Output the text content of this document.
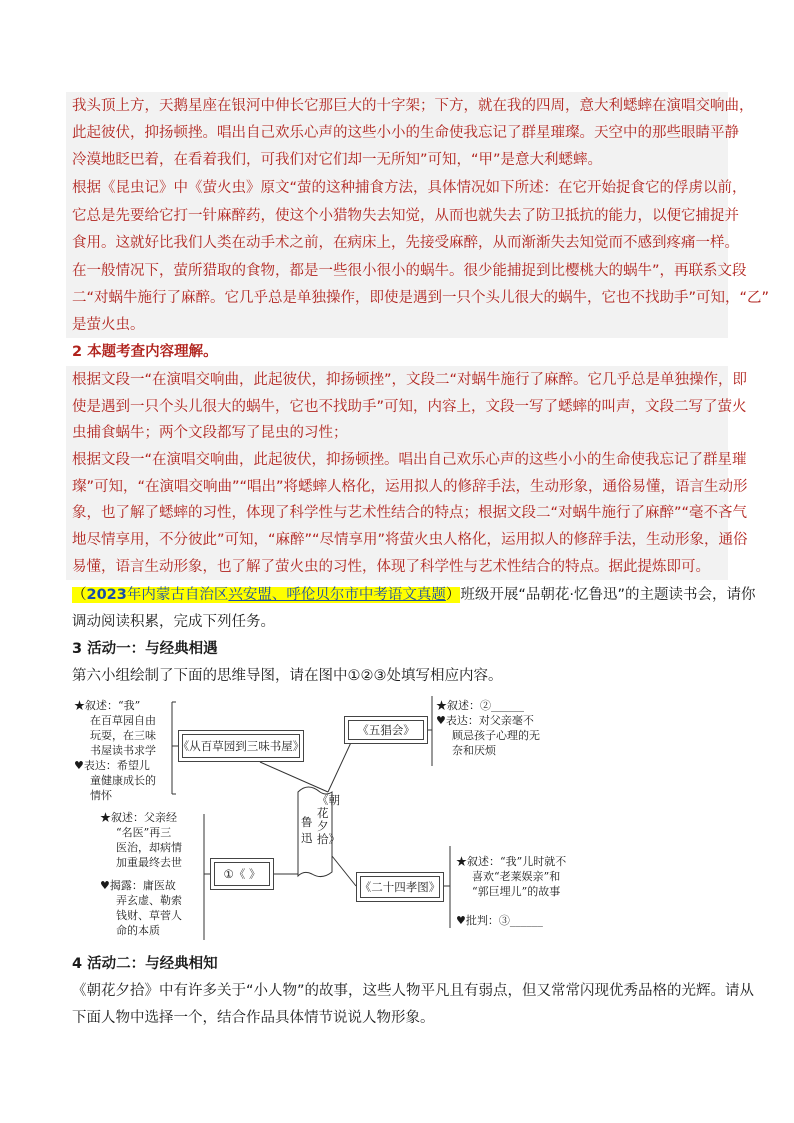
我头顶上方，天鹅星座在银河中伸长它那巨大的十字架；下方，就在我的四周，意大利蟋蟀在演唱交响曲，
此起彼伏，抑扬顿挫。唱出自己欢乐心声的这些小小的生命使我忘记了群星璀璨。天空中的那些眼睛平静
冷漠地眨巴着，在看着我们，可我们对它们却一无所知”可知，“甲”是意大利蟋蟀。
根据《昆虫记》中《萤火虫》原文“萤的这种捕食方法，具体情况如下所述：在它开始捉食它的俘虏以前，
它总是先要给它打一针麻醉药，使这个小猎物失去知觉，从而也就失去了防卫抵抗的能力，以便它捕捉并
食用。这就好比我们人类在动手术之前，在病床上，先接受麻醉，从而渐渐失去知觉而不感到疼痛一样。
在一般情况下，萤所猎取的食物，都是一些很小很小的蜗牛。很少能捕捉到比樱桃大的蜗牛”，再联系文段
二“对蜗牛施行了麻醉。它几乎总是单独操作，即使是遇到一只个头儿很大的蜗牛，它也不找助手”可知，“乙”
是萤火虫。
2 本题考查内容理解。
根据文段一“在演唱交响曲，此起彼伏，抑扬顿挫”，文段二“对蜗牛施行了麻醉。它几乎总是单独操作，即
使是遇到一只个头儿很大的蜗牛，它也不找助手”可知，内容上，文段一写了蟋蟀的叫声，文段二写了萤火
虫捕食蜗牛；两个文段都写了昆虫的习性；
根据文段一“在演唱交响曲，此起彼伏，抑扬顿挫。唱出自己欢乐心声的这些小小的生命使我忘记了群星璀
璨”可知，“在演唱交响曲”“唱出”将蟋蟀人格化，运用拟人的修辞手法，生动形象，通俗易懂，语言生动形
象，也了解了蟋蟀的习性，体现了科学性与艺术性结合的特点；根据文段二“对蜗牛施行了麻醉”“毫不吝气
地尽情享用，不分彼此”可知，“麻醉”“尽情享用”将萤火虫人格化，运用拟人的修辞手法，生动形象，通俗
易懂，语言生动形象，也了解了萤火虫的习性，体现了科学性与艺术性结合的特点。据此提炼即可。
（2023年内蒙古自治区兴安盟、呼伦贝尔市中考语文真题）班级开展“品朝花·忆鲁迅”的主题读书会，请你
调动阅读积累，完成下列任务。
3 活动一：与经典相遇
第六小组绘制了下面的思维导图，请在图中①②③处填写相应内容。
★叙述：“我”
在百草园自由
玩耍，在三味
书屋读书求学
♥表达：希望儿
童健康成长的
情怀
《从百草园到三味书屋》
《五猖会》
★叙述：②______
♥表达：对父亲毫不
顾忌孩子心理的无
奈和厌烦
《朝花夕拾》
鲁迅
★叙述：父亲经
“名医”再三
医治，却病情
加重最终去世
♥揭露：庸医故
弄玄虚、勒索
钱财、草菅人
命的本质
①《 》
《二十四孝图》
★叙述：“我”儿时就不
喜欢“老莱娱亲”和
“郭巨埋儿”的故事
♥批判：③______
4 活动二：与经典相知
《朝花夕拾》中有许多关于“小人物”的故事，这些人物平凡且有弱点，但又常常闪现优秀品格的光辉。请从
下面人物中选择一个，结合作品具体情节说说人物形象。
